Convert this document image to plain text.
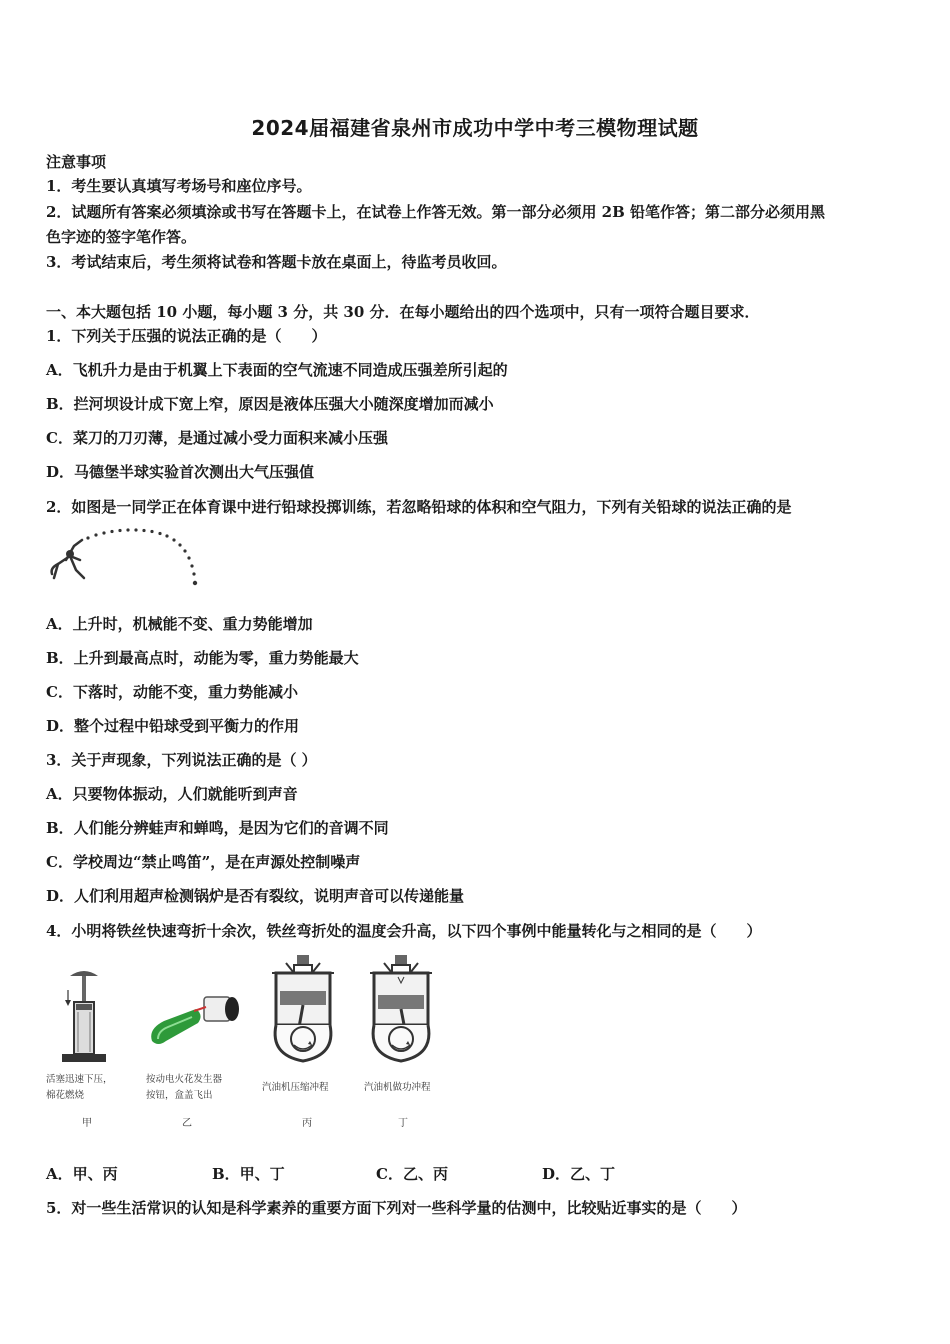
2024届福建省泉州市成功中学中考三模物理试题
注意事项
1．考生要认真填写考场号和座位序号。
2．试题所有答案必须填涂或书写在答题卡上，在试卷上作答无效。第一部分必须用 2B 铅笔作答；第二部分必须用黑
色字迹的签字笔作答。
3．考试结束后，考生须将试卷和答题卡放在桌面上，待监考员收回。
一、本大题包括 10 小题，每小题 3 分，共 30 分．在每小题给出的四个选项中，只有一项符合题目要求．
1．下列关于压强的说法正确的是（　　）
A．飞机升力是由于机翼上下表面的空气流速不同造成压强差所引起的
B．拦河坝设计成下宽上窄，原因是液体压强大小随深度增加而减小
C．菜刀的刀刃薄，是通过减小受力面积来减小压强
D．马德堡半球实验首次测出大气压强值
2．如图是一同学正在体育课中进行铅球投掷训练，若忽略铅球的体积和空气阻力，下列有关铅球的说法正确的是
A．上升时，机械能不变、重力势能增加
B．上升到最高点时，动能为零，重力势能最大
C．下落时，动能不变，重力势能减小
D．整个过程中铅球受到平衡力的作用
3．关于声现象，下列说法正确的是（ ）
A．只要物体振动，人们就能听到声音
B．人们能分辨蛙声和蝉鸣，是因为它们的音调不同
C．学校周边“禁止鸣笛”，是在声源处控制噪声
D．人们利用超声检测锅炉是否有裂纹，说明声音可以传递能量
4．小明将铁丝快速弯折十余次，铁丝弯折处的温度会升高，以下四个事例中能量转化与之相同的是（　　）
活塞迅速下压，
棉花燃烧
甲
按动电火花发生器
按钮，盒盖飞出
乙
汽油机压缩冲程
丙
汽油机做功冲程
丁
A．甲、丙	B．甲、丁	C．乙、丙	D．乙、丁
5．对一些生活常识的认知是科学素养的重要方面下列对一些科学量的估测中，比较贴近事实的是（　　）
